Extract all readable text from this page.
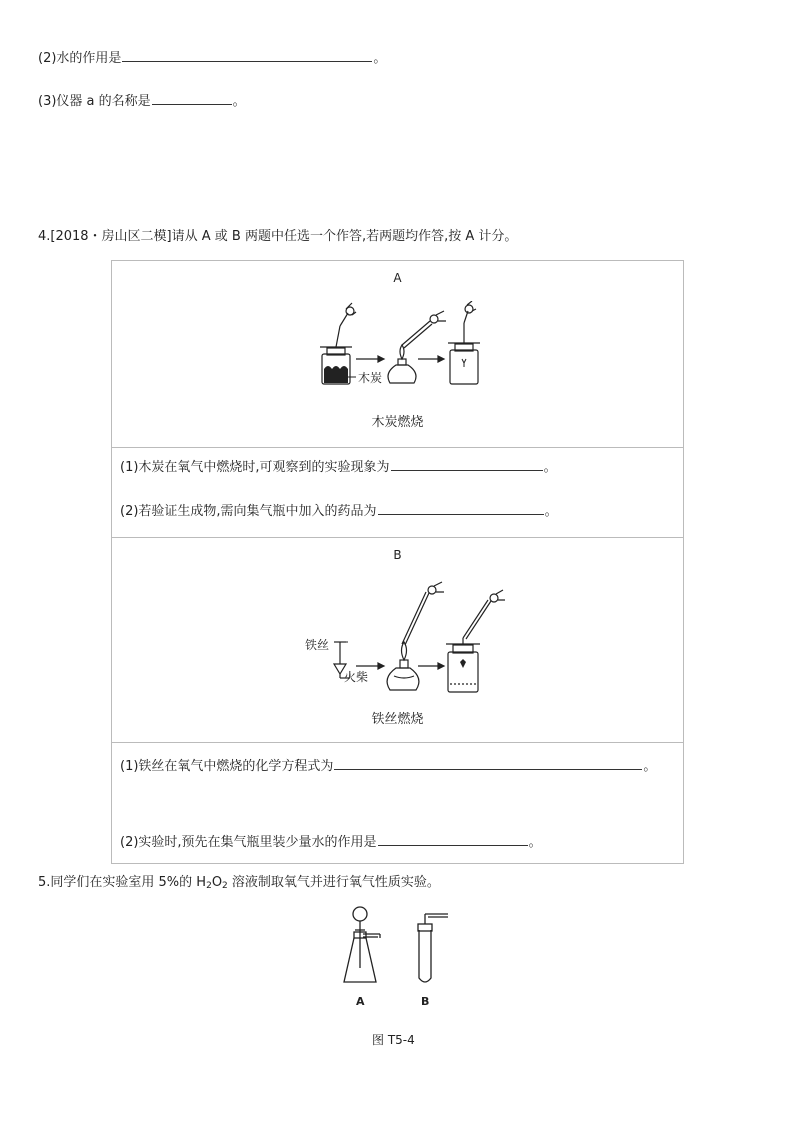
(2)水的作用是	。
(3)仪器 a 的名称是	。
4.[2018・房山区二模]请从 A 或 B 两题中任选一个作答,若两题均作答,按 A 计分。
A
木炭
木炭燃烧

(1)木炭在氧气中燃烧时,可观察到的实验现象为	。
(2)若验证生成物,需向集气瓶中加入的药品为	。

B
铁丝
火柴
铁丝燃烧

(1)铁丝在氧气中燃烧的化学方程式为	。
(2)实验时,预先在集气瓶里装少量水的作用是	。
5.同学们在实验室用 5%的 $H_2O_2$ 溶液制取氧气并进行氧气性质实验。
A	B
图 T5-4
